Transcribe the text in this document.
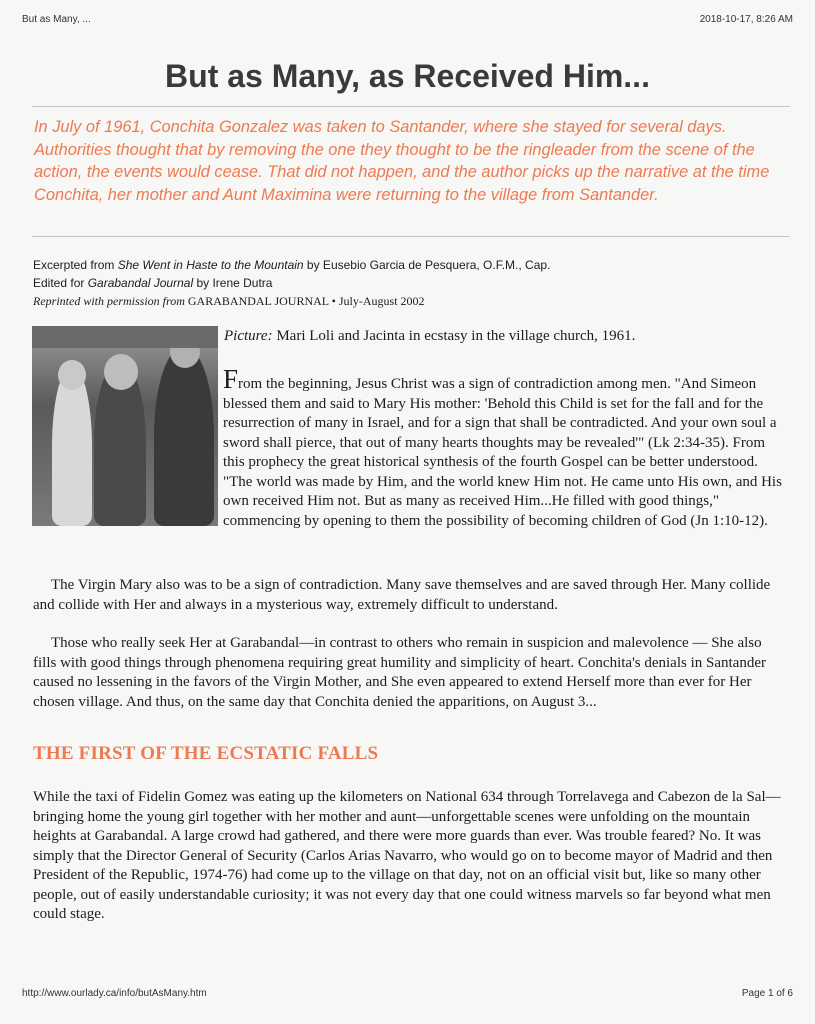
But as Many, ...	2018-10-17, 8:26 AM
But as Many, as Received Him...
In July of 1961, Conchita Gonzalez was taken to Santander, where she stayed for several days. Authorities thought that by removing the one they thought to be the ringleader from the scene of the action, the events would cease. That did not happen, and the author picks up the narrative at the time Conchita, her mother and Aunt Maximina were returning to the village from Santander.
Excerpted from She Went in Haste to the Mountain by Eusebio Garcia de Pesquera, O.F.M., Cap.
Edited for Garabandal Journal by Irene Dutra
Reprinted with permission from GARABANDAL JOURNAL • July-August 2002
Picture: Mari Loli and Jacinta in ecstasy in the village church, 1961.
From the beginning, Jesus Christ was a sign of contradiction among men. "And Simeon blessed them and said to Mary His mother: 'Behold this Child is set for the fall and for the resurrection of many in Israel, and for a sign that shall be contradicted. And your own soul a sword shall pierce, that out of many hearts thoughts may be revealed'" (Lk 2:34-35). From this prophecy the great historical synthesis of the fourth Gospel can be better understood. "The world was made by Him, and the world knew Him not. He came unto His own, and His own received Him not. But as many as received Him...He filled with good things," commencing by opening to them the possibility of becoming children of God (Jn 1:10-12).
The Virgin Mary also was to be a sign of contradiction. Many save themselves and are saved through Her. Many collide and collide with Her and always in a mysterious way, extremely difficult to understand.
Those who really seek Her at Garabandal—in contrast to others who remain in suspicion and malevolence — She also fills with good things through phenomena requiring great humility and simplicity of heart. Conchita's denials in Santander caused no lessening in the favors of the Virgin Mother, and She even appeared to extend Herself more than ever for Her chosen village. And thus, on the same day that Conchita denied the apparitions, on August 3...
THE FIRST OF THE ECSTATIC FALLS
While the taxi of Fidelin Gomez was eating up the kilometers on National 634 through Torrelavega and Cabezon de la Sal—bringing home the young girl together with her mother and aunt—unforgettable scenes were unfolding on the mountain heights at Garabandal. A large crowd had gathered, and there were more guards than ever. Was trouble feared? No. It was simply that the Director General of Security (Carlos Arias Navarro, who would go on to become mayor of Madrid and then President of the Republic, 1974-76) had come up to the village on that day, not on an official visit but, like so many other people, out of easily understandable curiosity; it was not every day that one could witness marvels so far beyond what men could stage.
http://www.ourlady.ca/info/butAsMany.htm	Page 1 of 6
